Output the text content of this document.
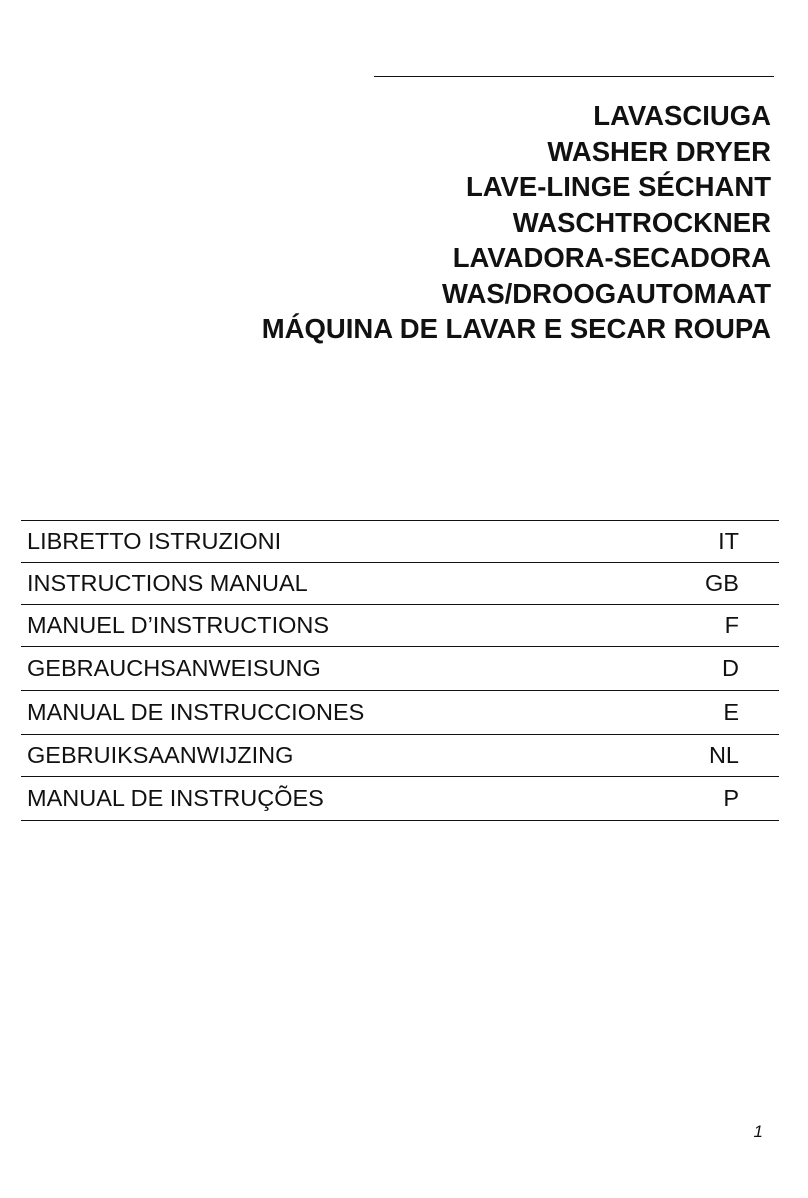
LAVASCIUGA
WASHER DRYER
LAVE-LINGE SÉCHANT
WASCHTROCKNER
LAVADORA-SECADORA
WAS/DROOGAUTOMAAT
MÁQUINA DE LAVAR E SECAR ROUPA
LIBRETTO ISTRUZIONI	IT
INSTRUCTIONS MANUAL	GB
MANUEL D’INSTRUCTIONS	F
GEBRAUCHSANWEISUNG	D
MANUAL DE INSTRUCCIONES	E
GEBRUIKSAANWIJZING	NL
MANUAL DE INSTRUÇÕES	P
1
